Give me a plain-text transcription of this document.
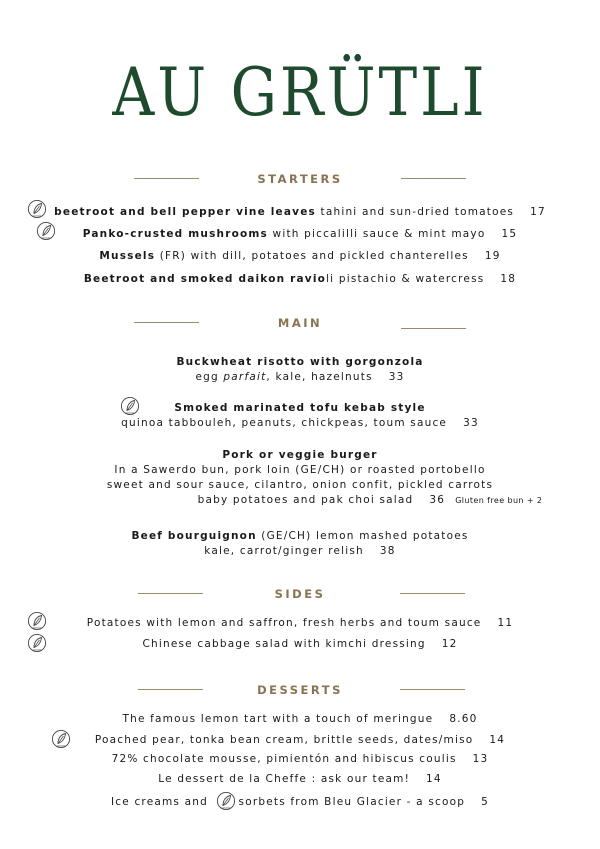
AU GRÜTLI
STARTERS
beetroot and bell pepper vine leaves tahini and sun-dried tomatoes 17
Panko-crusted mushrooms with piccalilli sauce & mint mayo 15
Mussels (FR) with dill, potatoes and pickled chanterelles 19
Beetroot and smoked daikon ravioli pistachio & watercress 18
MAIN
Buckwheat risotto with gorgonzola
egg parfait, kale, hazelnuts 33
Smoked marinated tofu kebab style
quinoa tabbouleh, peanuts, chickpeas, toum sauce 33
Pork or veggie burger
In a Sawerdo bun, pork loin (GE/CH) or roasted portobello
sweet and sour sauce, cilantro, onion confit, pickled carrots
baby potatoes and pak choi salad 36 Gluten free bun + 2
Beef bourguignon (GE/CH) lemon mashed potatoes
kale, carrot/ginger relish 38
SIDES
Potatoes with lemon and saffron, fresh herbs and toum sauce 11
Chinese cabbage salad with kimchi dressing 12
DESSERTS
The famous lemon tart with a touch of meringue 8.60
Poached pear, tonka bean cream, brittle seeds, dates/miso 14
72% chocolate mousse, pimientón and hibiscus coulis 13
Le dessert de la Cheffe : ask our team! 14
Ice creams and
sorbets from Bleu Glacier - a scoop 5
